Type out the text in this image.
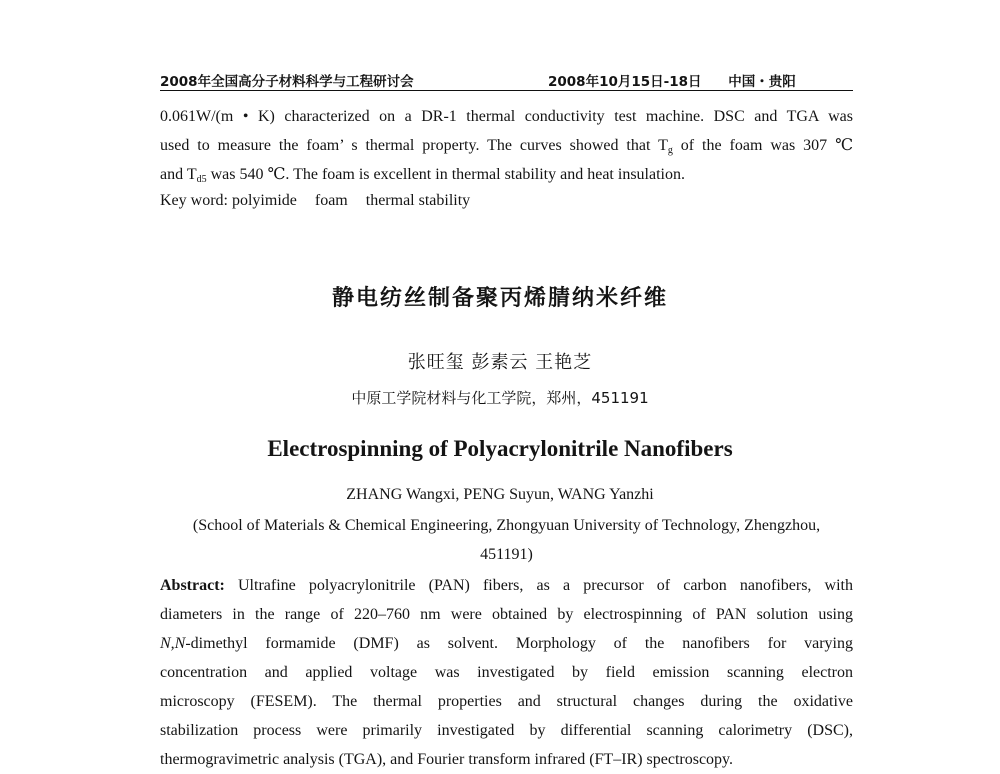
2008年全国高分子材料科学与工程研讨会	2008年10月15日-18日 中国・贵阳
0.061W/(m • K) characterized on a DR-1 thermal conductivity test machine. DSC and TGA was
used to measure the foam’ s thermal property. The curves showed that $T_g$ of the foam was 307 ℃
and $T_{d5}$ was 540 ℃. The foam is excellent in thermal stability and heat insulation.
Key word: polyimide foam thermal stability
静电纺丝制备聚丙烯腈纳米纤维
张旺玺 彭素云 王艳芝
中原工学院材料与化工学院，郑州，451191
Electrospinning of Polyacrylonitrile Nanofibers
ZHANG Wangxi, PENG Suyun, WANG Yanzhi
(School of Materials & Chemical Engineering, Zhongyuan University of Technology, Zhengzhou,
451191)
Abstract: Ultrafine polyacrylonitrile (PAN) fibers, as a precursor of carbon nanofibers, with
diameters in the range of 220–760 nm were obtained by electrospinning of PAN solution using
N,N-dimethyl formamide (DMF) as solvent. Morphology of the nanofibers for varying
concentration and applied voltage was investigated by field emission scanning electron
microscopy (FESEM). The thermal properties and structural changes during the oxidative
stabilization process were primarily investigated by differential scanning calorimetry (DSC),
thermogravimetric analysis (TGA), and Fourier transform infrared (FT–IR) spectroscopy.
